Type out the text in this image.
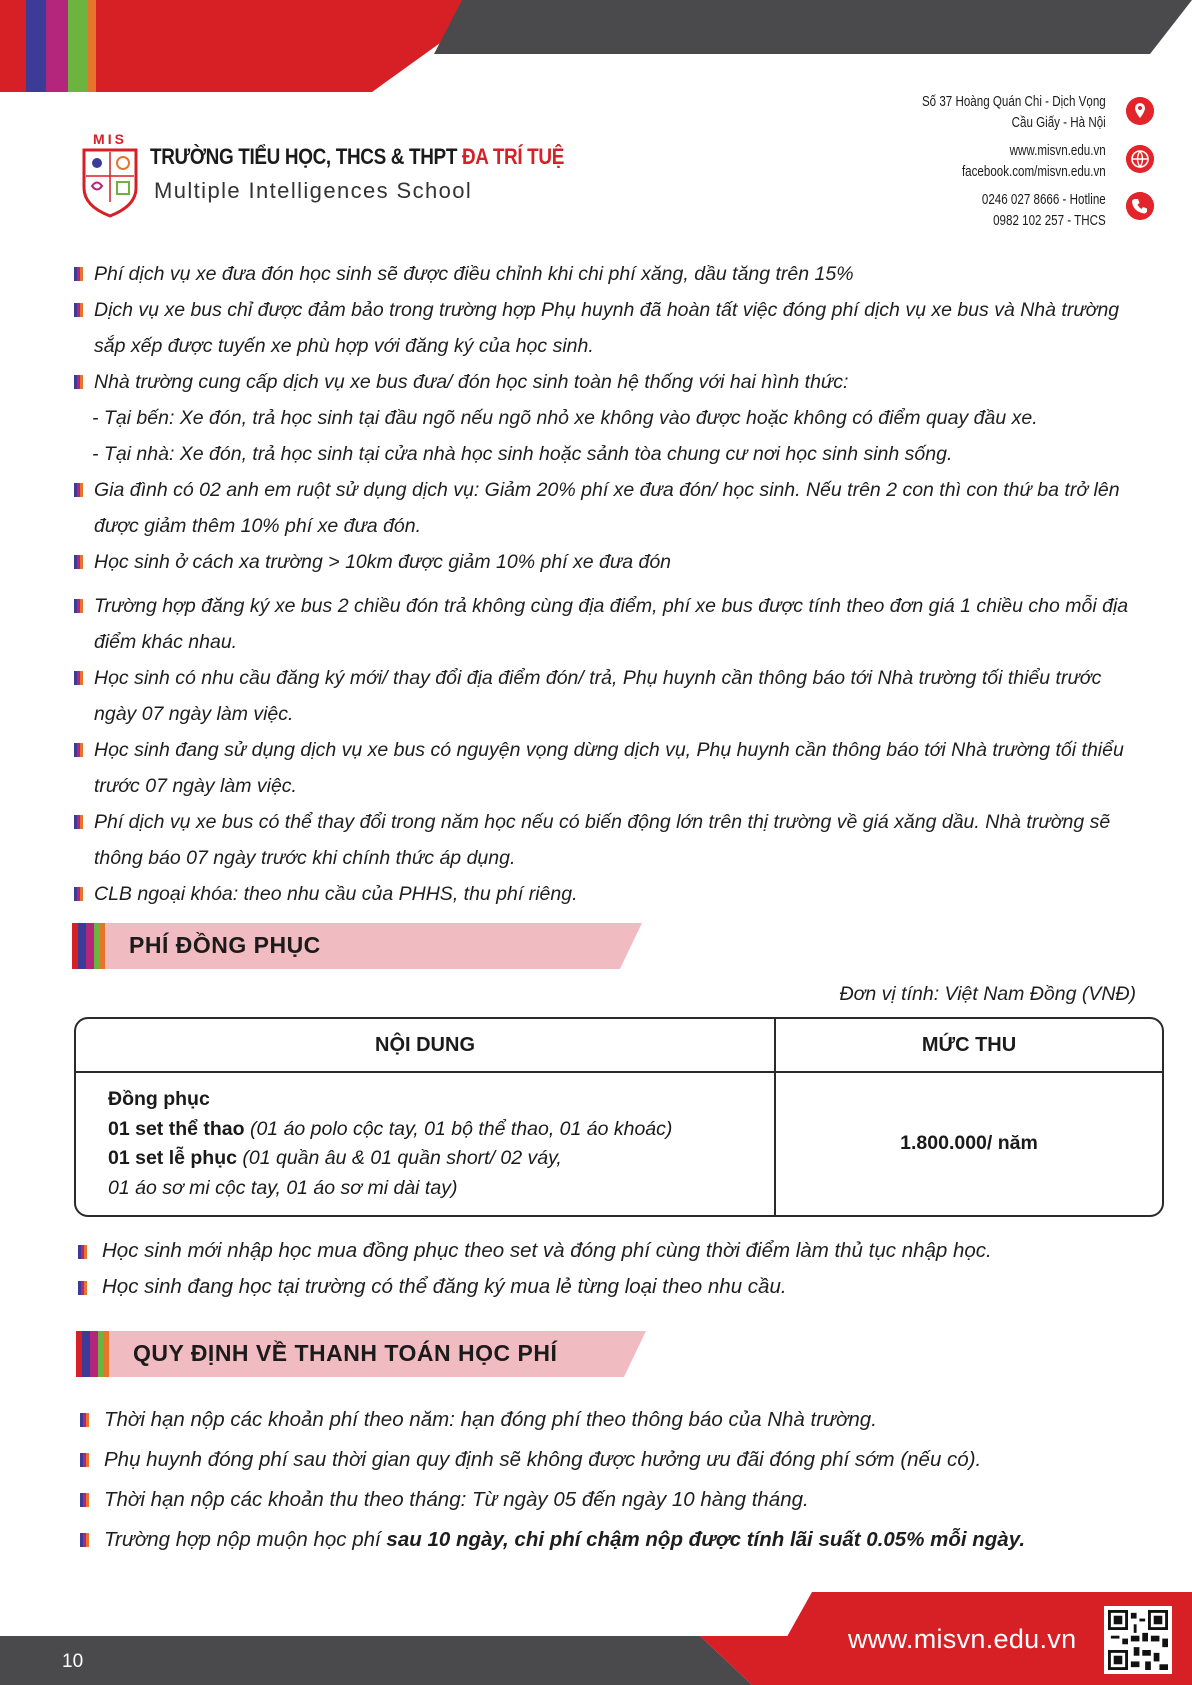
MIS
TRƯỜNG TIỂU HỌC, THCS & THPT ĐA TRÍ TUỆ
Multiple Intelligences School
Số 37 Hoàng Quán Chi - Dịch Vọng
Cầu Giấy - Hà Nội
www.misvn.edu.vn
facebook.com/misvn.edu.vn
0246 027 8666 - Hotline
0982 102 257 - THCS
Phí dịch vụ xe đưa đón học sinh sẽ được điều chỉnh khi chi phí xăng, dầu tăng trên 15%
Dịch vụ xe bus chỉ được đảm bảo trong trường hợp Phụ huynh đã hoàn tất việc đóng phí dịch vụ xe bus và Nhà trường sắp xếp được tuyến xe phù hợp với đăng ký của học sinh.
Nhà trường cung cấp dịch vụ xe bus đưa/ đón học sinh toàn hệ thống với hai hình thức:
- Tại bến: Xe đón, trả học sinh tại đầu ngõ nếu ngõ nhỏ xe không vào được hoặc không có điểm quay đầu xe.
- Tại nhà: Xe đón, trả học sinh tại cửa nhà học sinh hoặc sảnh tòa chung cư nơi học sinh sinh sống.
Gia đình có 02 anh em ruột sử dụng dịch vụ: Giảm 20% phí xe đưa đón/ học sinh. Nếu trên 2 con thì con thứ ba trở lên được giảm thêm 10% phí xe đưa đón.
Học sinh ở cách xa trường > 10km được giảm 10% phí xe đưa đón
Trường hợp đăng ký xe bus 2 chiều đón trả không cùng địa điểm, phí xe bus được tính theo đơn giá 1 chiều cho mỗi địa điểm khác nhau.
Học sinh có nhu cầu đăng ký mới/ thay đổi địa điểm đón/ trả, Phụ huynh cần thông báo tới Nhà trường tối thiểu trước ngày 07 ngày làm việc.
Học sinh đang sử dụng dịch vụ xe bus có nguyện vọng dừng dịch vụ, Phụ huynh cần thông báo tới Nhà trường tối thiểu trước 07 ngày làm việc.
Phí dịch vụ xe bus có thể thay đổi trong năm học nếu có biến động lớn trên thị trường về giá xăng dầu. Nhà trường sẽ thông báo 07 ngày trước khi chính thức áp dụng.
CLB ngoại khóa: theo nhu cầu của PHHS, thu phí riêng.
PHÍ ĐỒNG PHỤC
Đơn vị tính: Việt Nam Đồng (VNĐ)
NỘI DUNG	MỨC THU

Đồng phục
01 set thể thao (01 áo polo cộc tay, 01 bộ thể thao, 01 áo khoác)
01 set lễ phục (01 quần âu & 01 quần short/ 02 váy,
01 áo sơ mi cộc tay, 01 áo sơ mi dài tay)	1.800.000/ năm
Học sinh mới nhập học mua đồng phục theo set và đóng phí cùng thời điểm làm thủ tục nhập học.
Học sinh đang học tại trường có thể đăng ký mua lẻ từng loại theo nhu cầu.
QUY ĐỊNH VỀ THANH TOÁN HỌC PHÍ
Thời hạn nộp các khoản phí theo năm: hạn đóng phí theo thông báo của Nhà trường.
Phụ huynh đóng phí sau thời gian quy định sẽ không được hưởng ưu đãi đóng phí sớm (nếu có).
Thời hạn nộp các khoản thu theo tháng: Từ ngày 05 đến ngày 10 hàng tháng.
Trường hợp nộp muộn học phí sau 10 ngày, chi phí chậm nộp được tính lãi suất 0.05% mỗi ngày.
10
www.misvn.edu.vn
